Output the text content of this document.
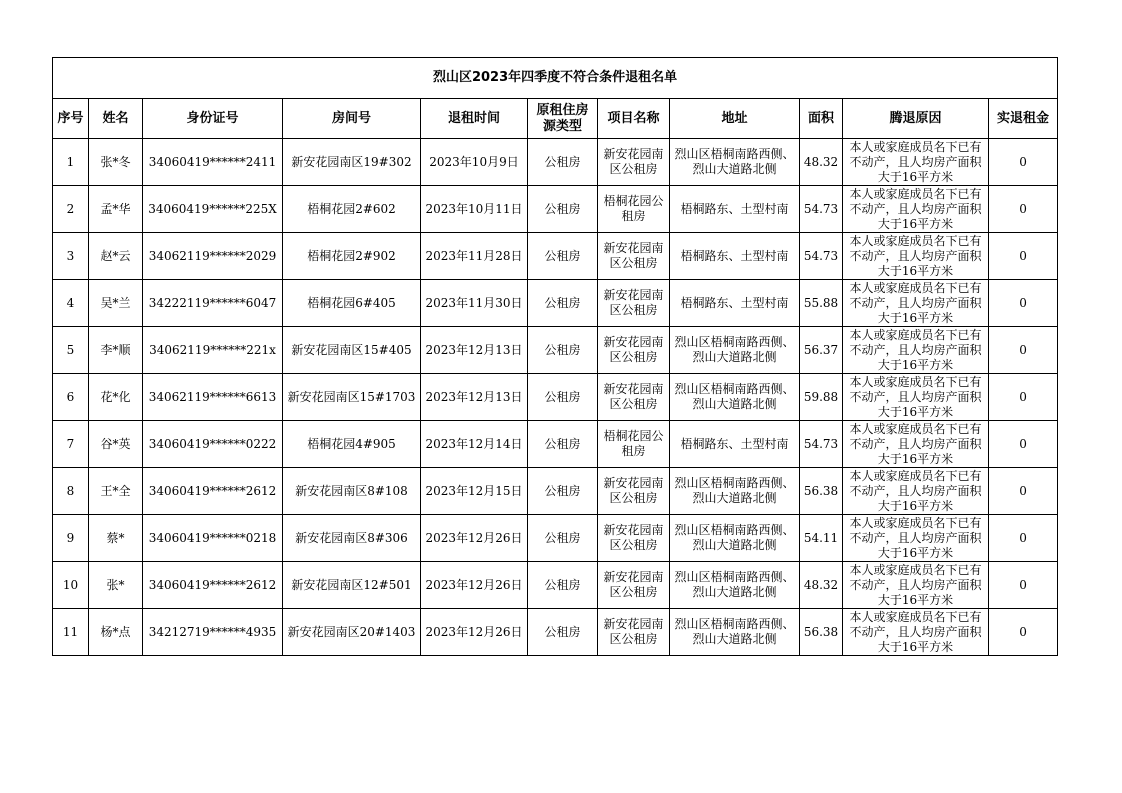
烈山区2023年四季度不符合条件退租名单										
序号	姓名	身份证号	房间号	退租时间	原租住房源类型	项目名称	地址	面积	腾退原因	实退租金
1	张*冬	34060419******2411	新安花园南区19#302	2023年10月9日	公租房	新安花园南区公租房	烈山区梧桐南路西侧、烈山大道路北侧	48.32	本人或家庭成员名下已有不动产，且人均房产面积大于16平方米	0
2	孟*华	34060419******225X	梧桐花园2#602	2023年10月11日	公租房	梧桐花园公租房	梧桐路东、土型村南	54.73	本人或家庭成员名下已有不动产，且人均房产面积大于16平方米	0
3	赵*云	34062119******2029	梧桐花园2#902	2023年11月28日	公租房	新安花园南区公租房	梧桐路东、土型村南	54.73	本人或家庭成员名下已有不动产，且人均房产面积大于16平方米	0
4	吴*兰	34222119******6047	梧桐花园6#405	2023年11月30日	公租房	新安花园南区公租房	梧桐路东、土型村南	55.88	本人或家庭成员名下已有不动产，且人均房产面积大于16平方米	0
5	李*顺	34062119******221x	新安花园南区15#405	2023年12月13日	公租房	新安花园南区公租房	烈山区梧桐南路西侧、烈山大道路北侧	56.37	本人或家庭成员名下已有不动产，且人均房产面积大于16平方米	0
6	花*化	34062119******6613	新安花园南区15#1703	2023年12月13日	公租房	新安花园南区公租房	烈山区梧桐南路西侧、烈山大道路北侧	59.88	本人或家庭成员名下已有不动产，且人均房产面积大于16平方米	0
7	谷*英	34060419******0222	梧桐花园4#905	2023年12月14日	公租房	梧桐花园公租房	梧桐路东、土型村南	54.73	本人或家庭成员名下已有不动产，且人均房产面积大于16平方米	0
8	王*全	34060419******2612	新安花园南区8#108	2023年12月15日	公租房	新安花园南区公租房	烈山区梧桐南路西侧、烈山大道路北侧	56.38	本人或家庭成员名下已有不动产，且人均房产面积大于16平方米	0
9	蔡*	34060419******0218	新安花园南区8#306	2023年12月26日	公租房	新安花园南区公租房	烈山区梧桐南路西侧、烈山大道路北侧	54.11	本人或家庭成员名下已有不动产，且人均房产面积大于16平方米	0
10	张*	34060419******2612	新安花园南区12#501	2023年12月26日	公租房	新安花园南区公租房	烈山区梧桐南路西侧、烈山大道路北侧	48.32	本人或家庭成员名下已有不动产，且人均房产面积大于16平方米	0
11	杨*点	34212719******4935	新安花园南区20#1403	2023年12月26日	公租房	新安花园南区公租房	烈山区梧桐南路西侧、烈山大道路北侧	56.38	本人或家庭成员名下已有不动产，且人均房产面积大于16平方米	0
